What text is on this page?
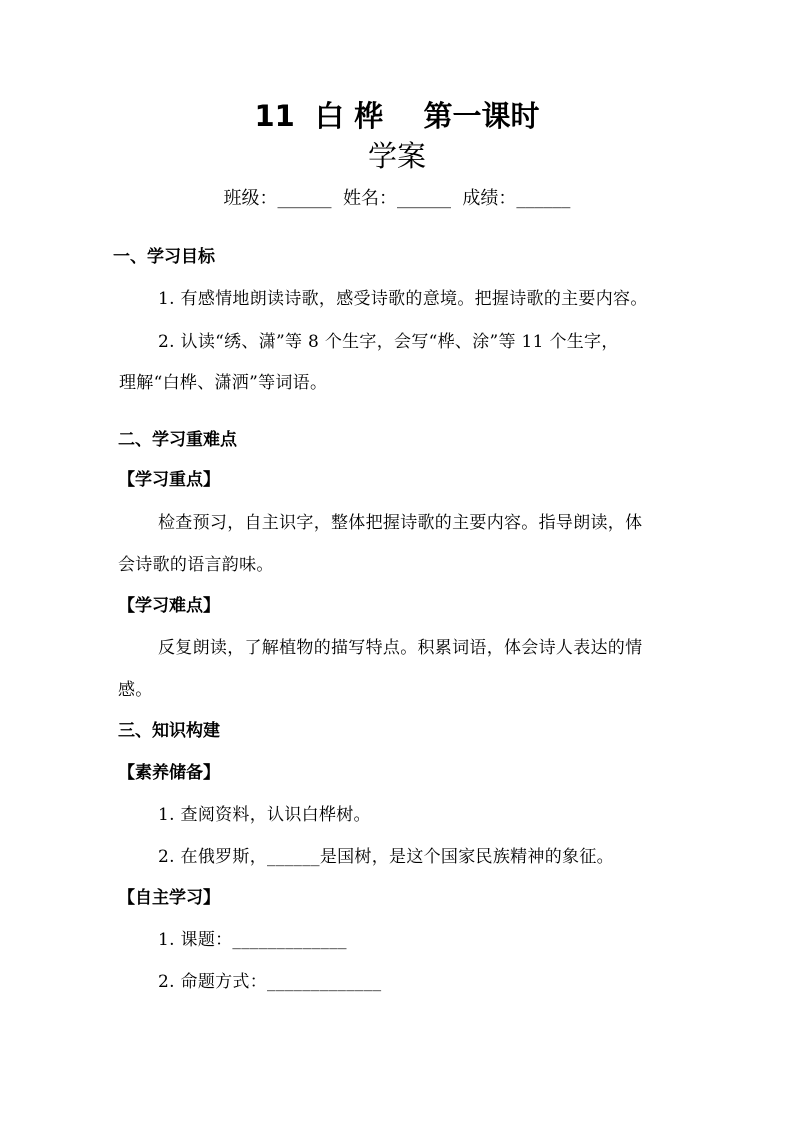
11  白 桦    第一课时
学案
班级：______  姓名：______  成绩：______
一、学习目标
1. 有感情地朗读诗歌，感受诗歌的意境。把握诗歌的主要内容。
2. 认读“绣、潇”等 8 个生字，会写“桦、涂”等 11 个生字，
理解“白桦、潇洒”等词语。
二、学习重难点
【学习重点】
检查预习，自主识字，整体把握诗歌的主要内容。指导朗读，体
会诗歌的语言韵味。
【学习难点】
反复朗读，了解植物的描写特点。积累词语，体会诗人表达的情
感。
三、知识构建
【素养储备】
1. 查阅资料，认识白桦树。
2. 在俄罗斯，______是国树，是这个国家民族精神的象征。
【自主学习】
1. 课题：_____________
2. 命题方式：_____________
